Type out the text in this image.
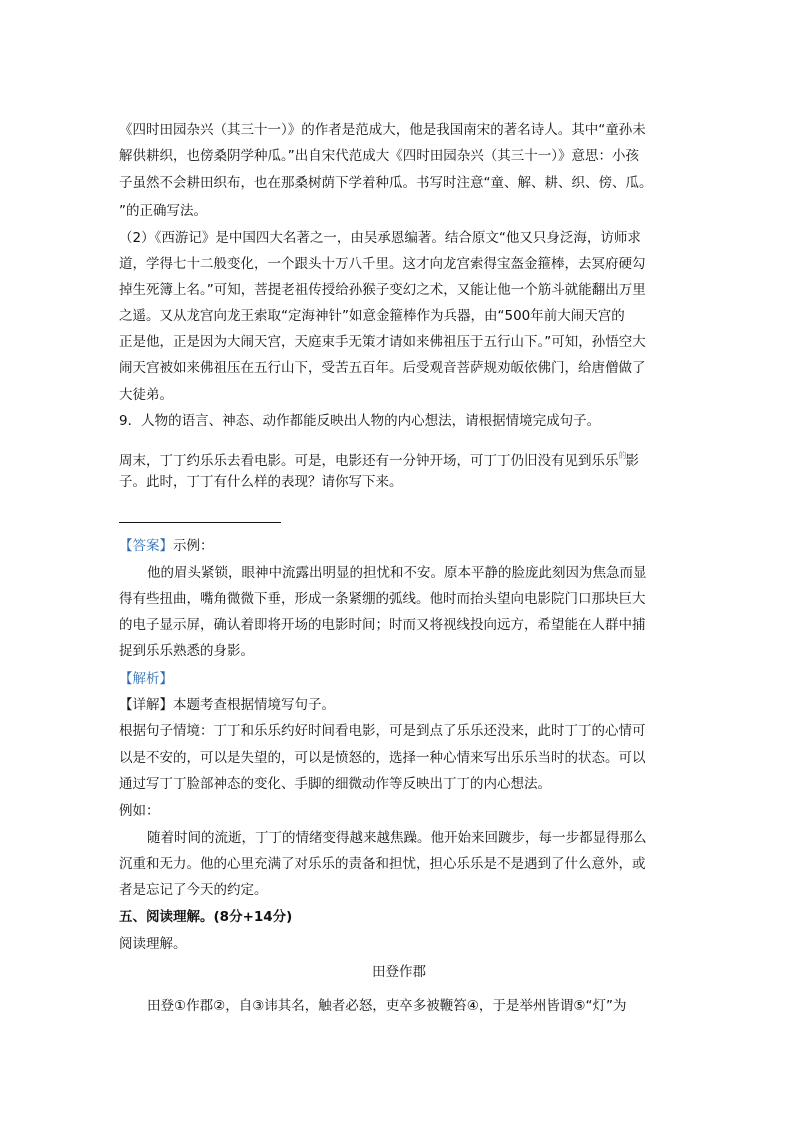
《四时田园杂兴（其三十一）》的作者是范成大，他是我国南宋的著名诗人。其中“童孙未
解供耕织，也傍桑阴学种瓜。”出自宋代范成大《四时田园杂兴（其三十一）》意思：小孩
子虽然不会耕田织布，也在那桑树荫下学着种瓜。书写时注意“童、解、耕、织、傍、瓜。
”的正确写法。
（2）《西游记》是中国四大名著之一，由吴承恩编著。结合原文“他又只身泛海，访师求
道，学得七十二般变化，一个跟头十万八千里。这才向龙宫索得宝盔金箍棒，去冥府硬勾
掉生死簿上名。”可知，菩提老祖传授给孙猴子变幻之术，又能让他一个筋斗就能翻出万里
之遥。又从龙宫向龙王索取“定海神针”如意金箍棒作为兵器，由“500年前大闹天宫的
正是他，正是因为大闹天宫，天庭束手无策才请如来佛祖压于五行山下。”可知，孙悟空大
闹天宫被如来佛祖压在五行山下，受苦五百年。后受观音菩萨规劝皈依佛门，给唐僧做了
大徒弟。
9．人物的语言、神态、动作都能反映出人物的内心想法，请根据情境完成句子。
周末，丁丁约乐乐去看电影。可是，电影还有一分钟开场，可丁丁仍旧没有见到乐乐$^的$影
子。此时，丁丁有什么样的表现？请你写下来。
【答案】示例：
他的眉头紧锁，眼神中流露出明显的担忧和不安。原本平静的脸庞此刻因为焦急而显
得有些扭曲，嘴角微微下垂，形成一条紧绷的弧线。他时而抬头望向电影院门口那块巨大
的电子显示屏，确认着即将开场的电影时间；时而又将视线投向远方，希望能在人群中捕
捉到乐乐熟悉的身影。
【解析】
【详解】本题考查根据情境写句子。
根据句子情境：丁丁和乐乐约好时间看电影，可是到点了乐乐还没来，此时丁丁的心情可
以是不安的，可以是失望的，可以是愤怒的，选择一种心情来写出乐乐当时的状态。可以
通过写丁丁脸部神态的变化、手脚的细微动作等反映出丁丁的内心想法。
例如：
随着时间的流逝，丁丁的情绪变得越来越焦躁。他开始来回踱步，每一步都显得那么
沉重和无力。他的心里充满了对乐乐的责备和担忧，担心乐乐是不是遇到了什么意外，或
者是忘记了今天的约定。
五、阅读理解。(8分+14分)
阅读理解。
田登作郡
田登①作郡②，自③讳其名，触者必怒，吏卒多被鞭笞④，于是举州皆谓⑤“灯”为
